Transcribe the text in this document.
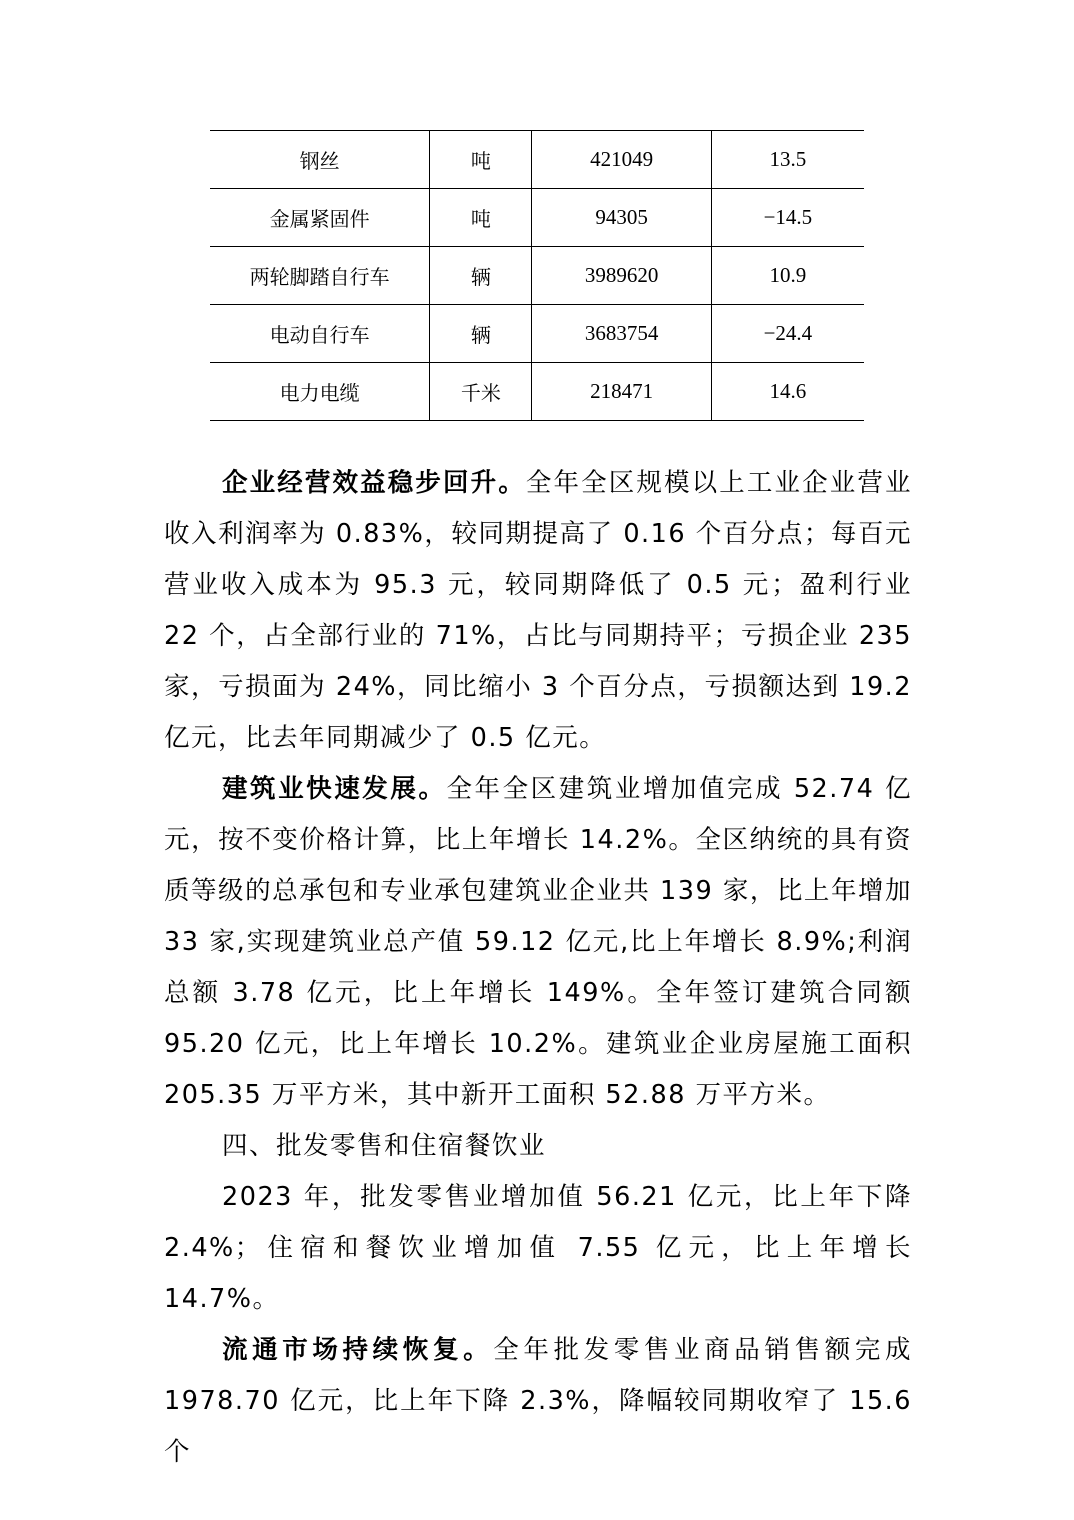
钢丝	吨	421049	13.5
金属紧固件	吨	94305	−14.5
两轮脚踏自行车	辆	3989620	10.9
电动自行车	辆	3683754	−24.4
电力电缆	千米	218471	14.6

企业经营效益稳步回升。全年全区规模以上工业企业营业收入利润率为 0.83%，较同期提高了 0.16 个百分点；每百元营业收入成本为 95.3 元，较同期降低了 0.5 元；盈利行业 22 个，占全部行业的 71%，占比与同期持平；亏损企业 235 家，亏损面为 24%，同比缩小 3 个百分点，亏损额达到 19.2 亿元，比去年同期减少了 0.5 亿元。

建筑业快速发展。全年全区建筑业增加值完成 52.74 亿元，按不变价格计算，比上年增长 14.2%。全区纳统的具有资质等级的总承包和专业承包建筑业企业共 139 家，比上年增加 33 家,实现建筑业总产值 59.12 亿元,比上年增长 8.9%;利润总额 3.78 亿元，比上年增长 149%。全年签订建筑合同额 95.20 亿元，比上年增长 10.2%。建筑业企业房屋施工面积 205.35 万平方米，其中新开工面积 52.88 万平方米。

四、批发零售和住宿餐饮业

2023 年，批发零售业增加值 56.21 亿元，比上年下降 2.4%；住宿和餐饮业增加值 7.55 亿元，比上年增长 14.7%。

流通市场持续恢复。全年批发零售业商品销售额完成 1978.70 亿元，比上年下降 2.3%，降幅较同期收窄了 15.6 个
